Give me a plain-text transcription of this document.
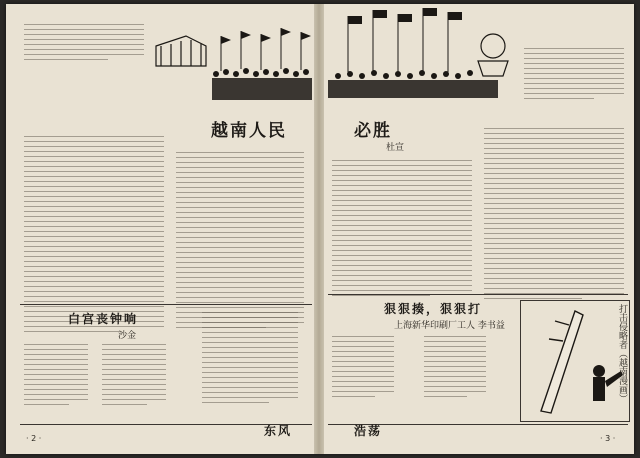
越南人民
白宫丧钟响
沙金
· 2 ·
东风
必胜
杜宣
狠狠揍，狠狠打
上海新华印刷厂工人 李书益	打击侵略者（越南漫画）
浩荡
· 3 ·
